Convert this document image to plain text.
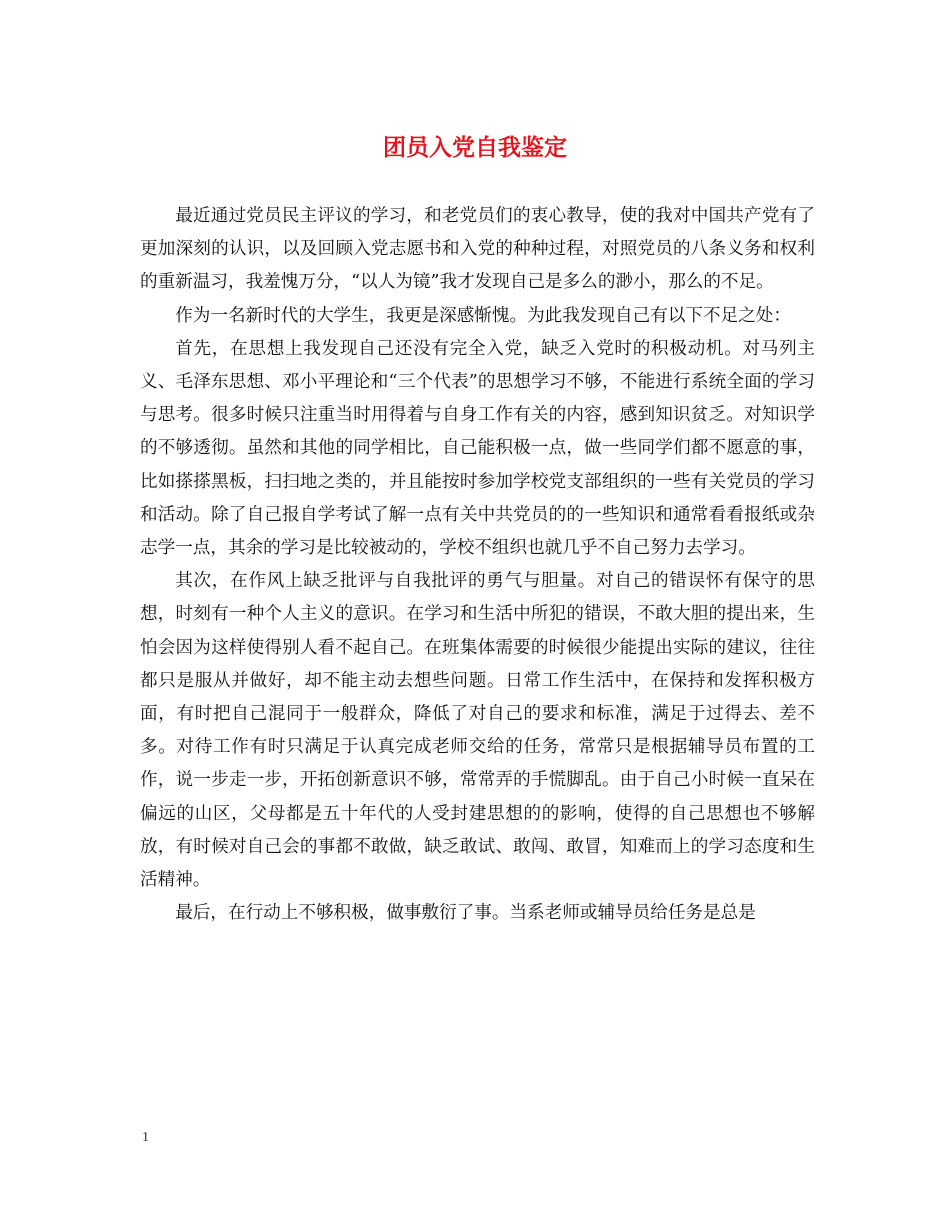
团员入党自我鉴定

最近通过党员民主评议的学习，和老党员们的衷心教导，使的我对中国共产党有了更加深刻的认识，以及回顾入党志愿书和入党的种种过程，对照党员的八条义务和权利的重新温习，我羞愧万分，“以人为镜”我才发现自己是多么的渺小，那么的不足。

作为一名新时代的大学生，我更是深感惭愧。为此我发现自己有以下不足之处：

首先，在思想上我发现自己还没有完全入党，缺乏入党时的积极动机。对马列主义、毛泽东思想、邓小平理论和“三个代表”的思想学习不够，不能进行系统全面的学习与思考。很多时候只注重当时用得着与自身工作有关的内容，感到知识贫乏。对知识学的不够透彻。虽然和其他的同学相比，自己能积极一点，做一些同学们都不愿意的事，比如搽搽黑板，扫扫地之类的，并且能按时参加学校党支部组织的一些有关党员的学习和活动。除了自己报自学考试了解一点有关中共党员的的一些知识和通常看看报纸或杂志学一点，其余的学习是比较被动的，学校不组织也就几乎不自己努力去学习。

其次，在作风上缺乏批评与自我批评的勇气与胆量。对自己的错误怀有保守的思想，时刻有一种个人主义的意识。在学习和生活中所犯的错误，不敢大胆的提出来，生怕会因为这样使得别人看不起自己。在班集体需要的时候很少能提出实际的建议，往往都只是服从并做好，却不能主动去想些问题。日常工作生活中，在保持和发挥积极方面，有时把自己混同于一般群众，降低了对自己的要求和标准，满足于过得去、差不多。对待工作有时只满足于认真完成老师交给的任务，常常只是根据辅导员布置的工作，说一步走一步，开拓创新意识不够，常常弄的手慌脚乱。由于自己小时候一直呆在偏远的山区，父母都是五十年代的人受封建思想的的影响，使得的自己思想也不够解放，有时候对自己会的事都不敢做，缺乏敢试、敢闯、敢冒，知难而上的学习态度和生活精神。

最后，在行动上不够积极，做事敷衍了事。当系老师或辅导员给任务是总是

1
